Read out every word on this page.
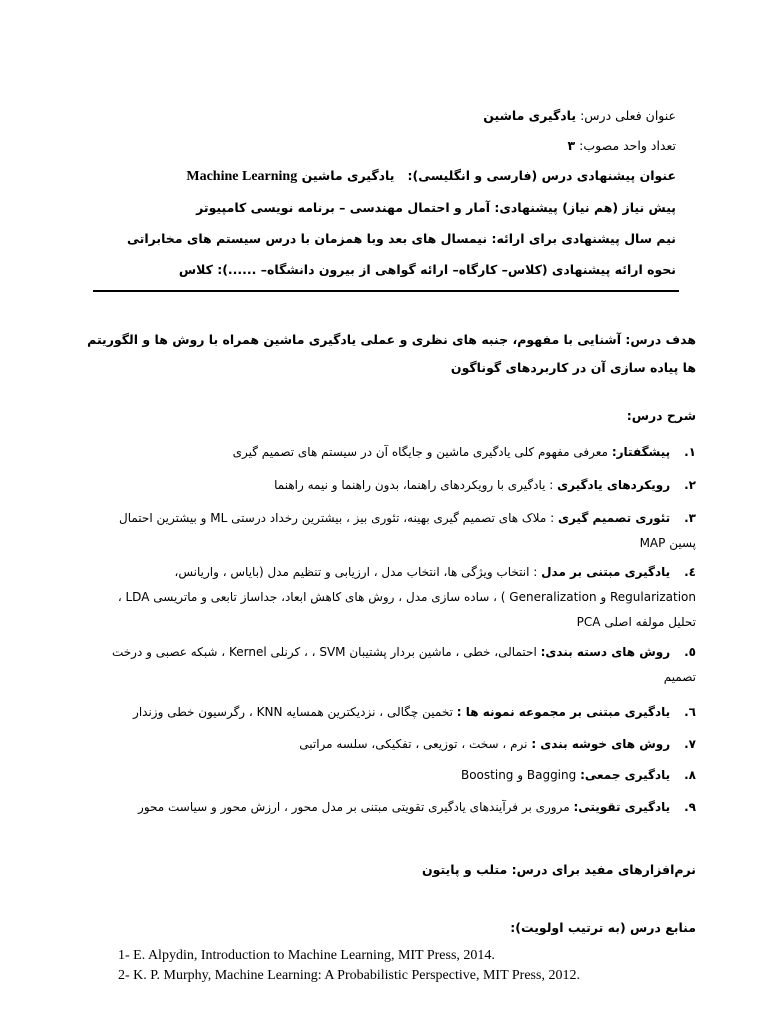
عنوان فعلی درس: یادگیری ماشین
تعداد واحد مصوب: ۳
عنوان پیشنهادی درس (فارسی و انگلیسی):   یادگیری ماشین Machine Learning
پیش نیاز (هم نیاز) پیشنهادی: آمار و احتمال مهندسی – برنامه نویسی کامپیوتر
نیم سال پیشنهادی برای ارائه: نیمسال های بعد وبا همزمان با درس سیستم های مخابراتی
نحوه ارائه پیشنهادی (کلاس– کارگاه– ارائه گواهی از بیرون دانشگاه– ......): کلاس
هدف درس: آشنایی با مفهوم، جنبه های نظری و عملی یادگیری ماشین همراه با روش ها و الگوریتم ها پیاده سازی آن در کاربردهای گوناگون
شرح درس:
۱. پیشگفتار: معرفی مفهوم کلی یادگیری ماشین و جایگاه آن در سیستم های تصمیم گیری
۲. رویکردهای یادگیری : یادگیری با رویکردهای راهنما، بدون راهنما و نیمه راهنما
۳. تئوری تصمیم گیری : ملاک های تصمیم گیری بهینه، تئوری بیز ، بیشترین رخداد درستی ML و بیشترین احتمال پسین MAP
٤. یادگیری مبتنی بر مدل : انتخاب ویژگی ها، انتخاب مدل ، ارزیابی و تنظیم مدل (بایاس ، واریانس، Regularization و Generalization ) ، ساده سازی مدل ، روش های کاهش ابعاد، جداساز تابعی و ماتریسی LDA ، تحلیل مولفه اصلی PCA
٥. روش های دسته بندی: احتمالی، خطی ، ماشین بردار پشتیبان SVM ، ، کرنلی Kernel ، شبکه عصبی و درخت تصمیم
٦. یادگیری مبتنی بر مجموعه نمونه ها : تخمین چگالی ، نزدیکترین همسایه KNN ، رگرسیون خطی وزندار
۷. روش های خوشه بندی : نرم ، سخت ، توزیعی ، تفکیکی، سلسه مراتبی
۸. یادگیری جمعی: Bagging و Boosting
۹. یادگیری تقویتی: مروری بر فرآیندهای یادگیری تقویتی مبتنی بر مدل محور ، ارزش محور و سیاست محور
نرم‌افزارهای مفید برای درس: متلب و پایتون
منابع درس (به ترتیب اولویت):
1- E. Alpydin, Introduction to Machine Learning, MIT Press, 2014.
2- K. P. Murphy, Machine Learning: A Probabilistic Perspective, MIT Press, 2012.
